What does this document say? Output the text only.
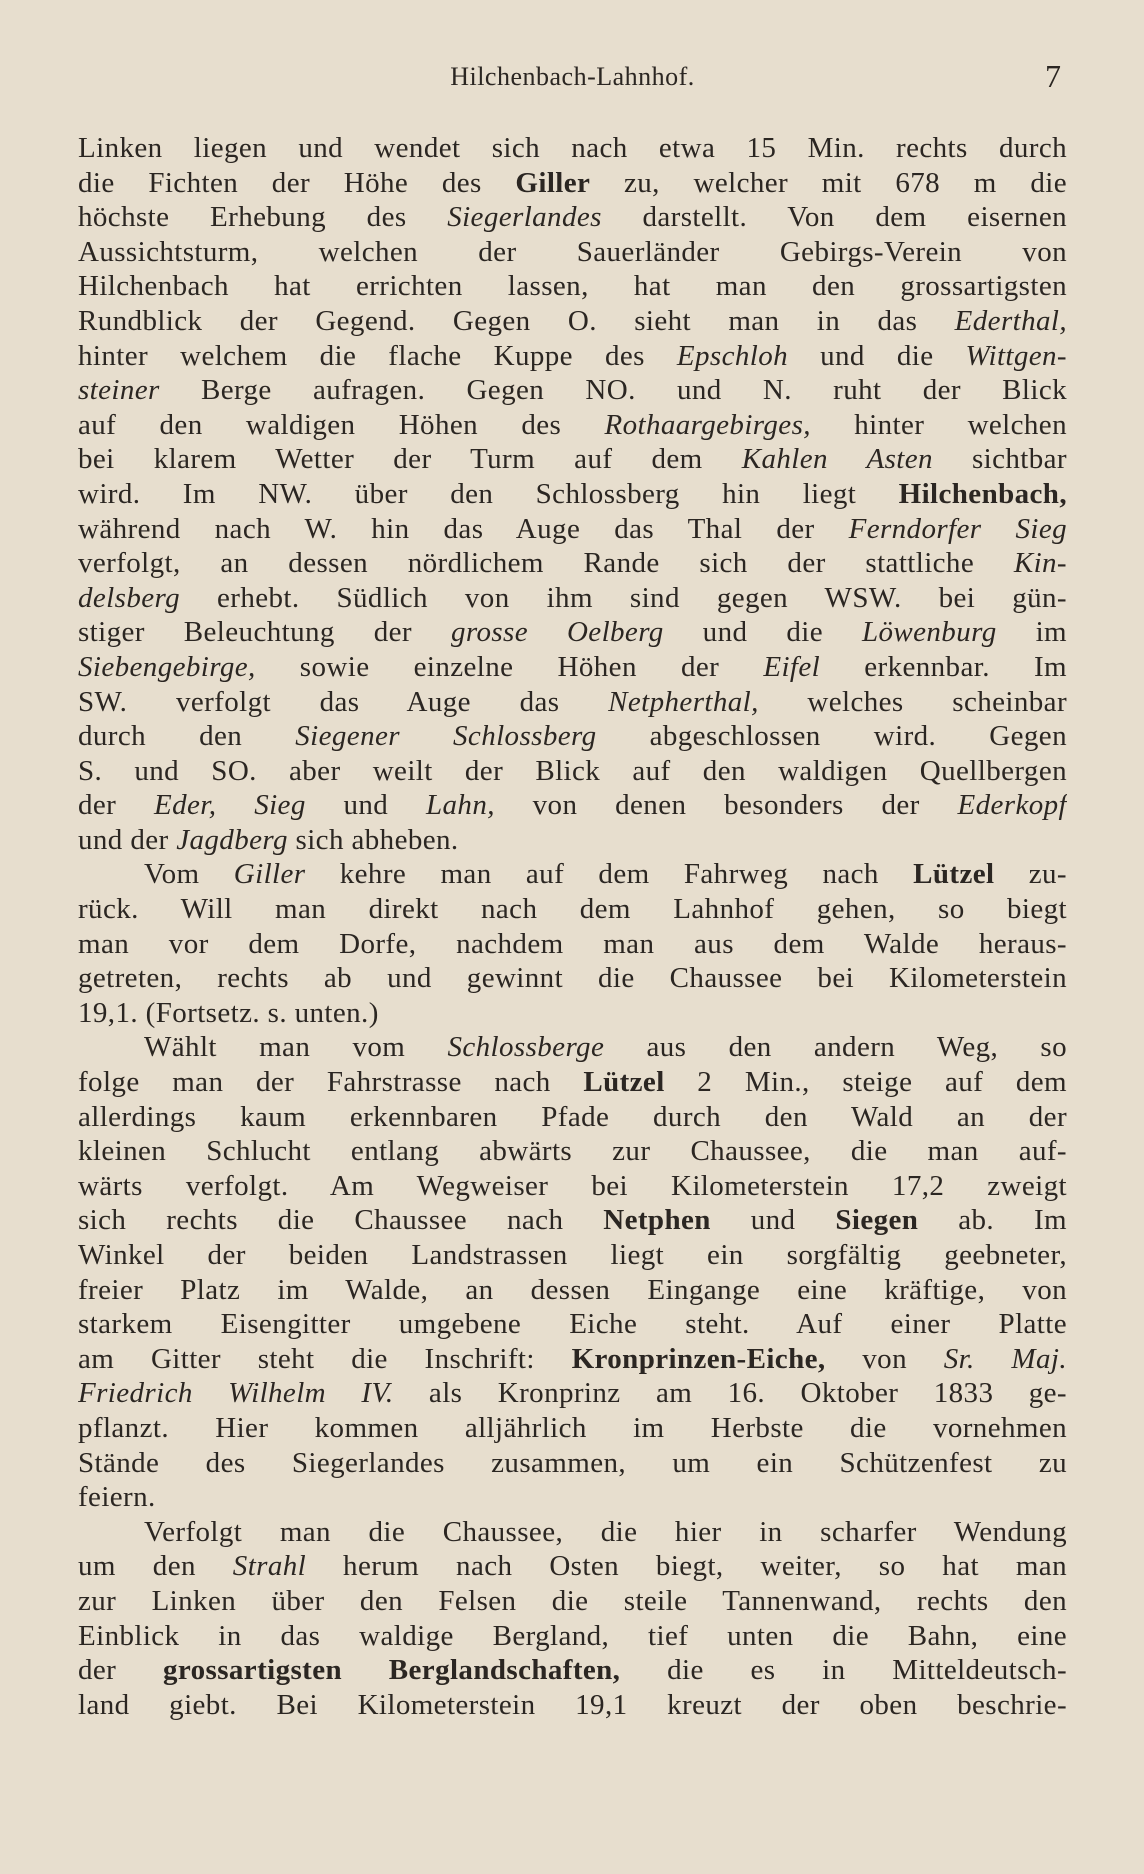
Hilchenbach-Lahnhof.	7
Linken liegen und wendet sich nach etwa 15 Min. rechts durch
die Fichten der Höhe des Giller zu, welcher mit 678 m die
höchste Erhebung des Siegerlandes darstellt. Von dem eisernen
Aussichtsturm, welchen der Sauerländer Gebirgs-Verein von
Hilchenbach hat errichten lassen, hat man den grossartigsten
Rundblick der Gegend. Gegen O. sieht man in das Ederthal,
hinter welchem die flache Kuppe des Epschloh und die Wittgen-
steiner Berge aufragen. Gegen NO. und N. ruht der Blick
auf den waldigen Höhen des Rothaargebirges, hinter welchen
bei klarem Wetter der Turm auf dem Kahlen Asten sichtbar
wird. Im NW. über den Schlossberg hin liegt Hilchenbach,
während nach W. hin das Auge das Thal der Ferndorfer Sieg
verfolgt, an dessen nördlichem Rande sich der stattliche Kin-
delsberg erhebt. Südlich von ihm sind gegen WSW. bei gün-
stiger Beleuchtung der grosse Oelberg und die Löwenburg im
Siebengebirge, sowie einzelne Höhen der Eifel erkennbar. Im
SW. verfolgt das Auge das Netpherthal, welches scheinbar
durch den Siegener Schlossberg abgeschlossen wird. Gegen
S. und SO. aber weilt der Blick auf den waldigen Quellbergen
der Eder, Sieg und Lahn, von denen besonders der Ederkopf
und der Jagdberg sich abheben.
Vom Giller kehre man auf dem Fahrweg nach Lützel zu-
rück. Will man direkt nach dem Lahnhof gehen, so biegt
man vor dem Dorfe, nachdem man aus dem Walde heraus-
getreten, rechts ab und gewinnt die Chaussee bei Kilometerstein
19,1. (Fortsetz. s. unten.)
Wählt man vom Schlossberge aus den andern Weg, so
folge man der Fahrstrasse nach Lützel 2 Min., steige auf dem
allerdings kaum erkennbaren Pfade durch den Wald an der
kleinen Schlucht entlang abwärts zur Chaussee, die man auf-
wärts verfolgt. Am Wegweiser bei Kilometerstein 17,2 zweigt
sich rechts die Chaussee nach Netphen und Siegen ab. Im
Winkel der beiden Landstrassen liegt ein sorgfältig geebneter,
freier Platz im Walde, an dessen Eingange eine kräftige, von
starkem Eisengitter umgebene Eiche steht. Auf einer Platte
am Gitter steht die Inschrift: Kronprinzen-Eiche, von Sr. Maj.
Friedrich Wilhelm IV. als Kronprinz am 16. Oktober 1833 ge-
pflanzt. Hier kommen alljährlich im Herbste die vornehmen
Stände des Siegerlandes zusammen, um ein Schützenfest zu
feiern.
Verfolgt man die Chaussee, die hier in scharfer Wendung
um den Strahl herum nach Osten biegt, weiter, so hat man
zur Linken über den Felsen die steile Tannenwand, rechts den
Einblick in das waldige Bergland, tief unten die Bahn, eine
der grossartigsten Berglandschaften, die es in Mitteldeutsch-
land giebt. Bei Kilometerstein 19,1 kreuzt der oben beschrie-
